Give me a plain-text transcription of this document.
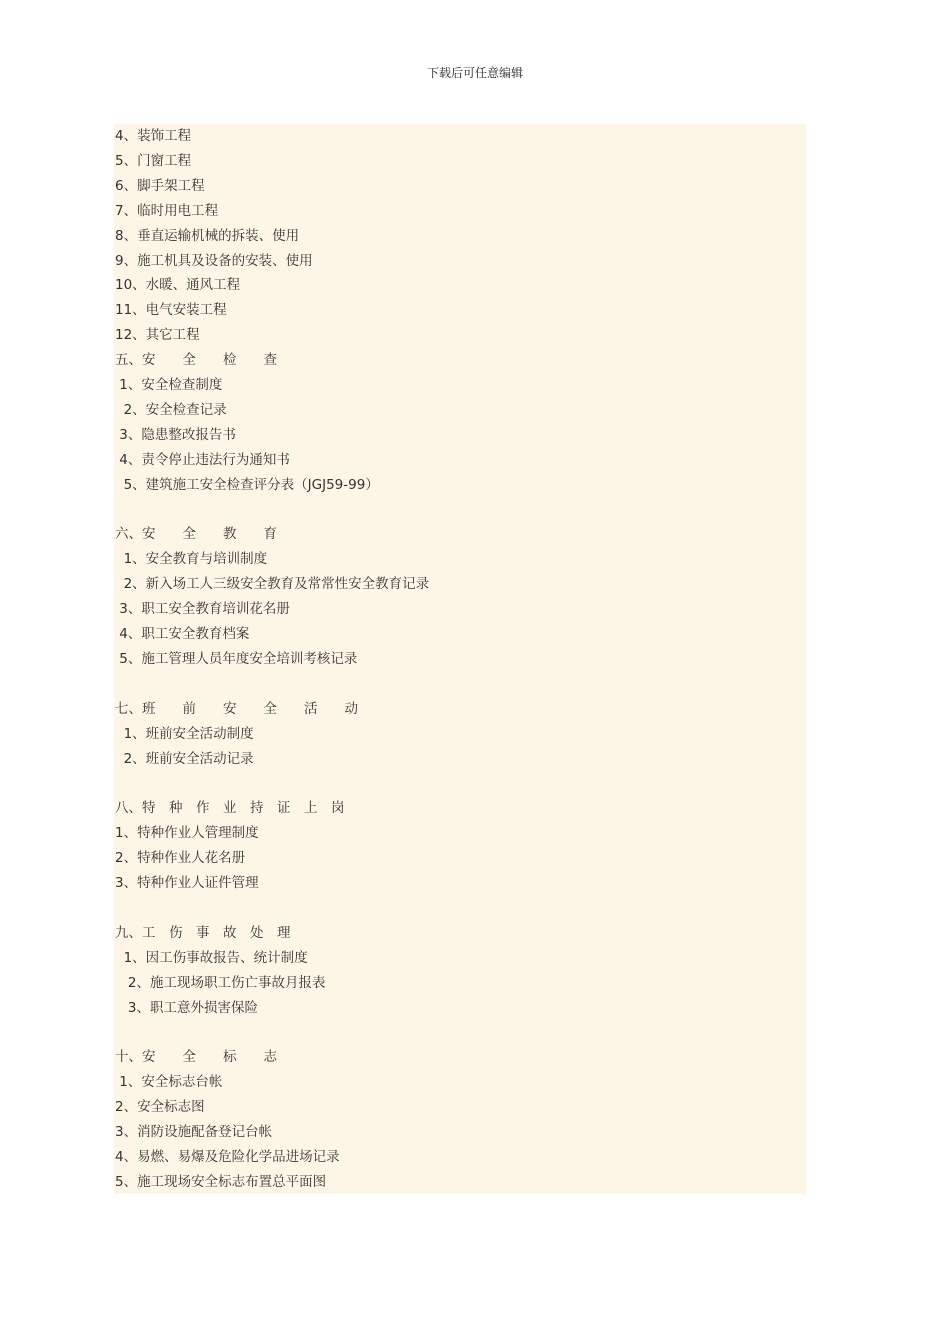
下载后可任意编辑
4、装饰工程
5、门窗工程
6、脚手架工程
7、临时用电工程
8、垂直运输机械的拆装、使用
9、施工机具及设备的安装、使用
10、水暖、通风工程
11、电气安装工程
12、其它工程
五、安　　全　　检　　查
1、安全检查制度
2、安全检查记录
3、隐患整改报告书
4、责令停止违法行为通知书
5、建筑施工安全检查评分表（JGJ59-99）
六、安　　全　　教　　育
1、安全教育与培训制度
2、新入场工人三级安全教育及常常性安全教育记录
3、职工安全教育培训花名册
4、职工安全教育档案
5、施工管理人员年度安全培训考核记录
七、班　　前　　安　　全　　活　　动
1、班前安全活动制度
2、班前安全活动记录
八、特　种　作　业　持　证　上　岗
1、特种作业人管理制度
2、特种作业人花名册
3、特种作业人证件管理
九、工　伤　事　故　处　理
1、因工伤事故报告、统计制度
2、施工现场职工伤亡事故月报表
3、职工意外损害保险
十、安　　全　　标　　志
1、安全标志台帐
2、安全标志图
3、消防设施配备登记台帐
4、易燃、易爆及危险化学品进场记录
5、施工现场安全标志布置总平面图
